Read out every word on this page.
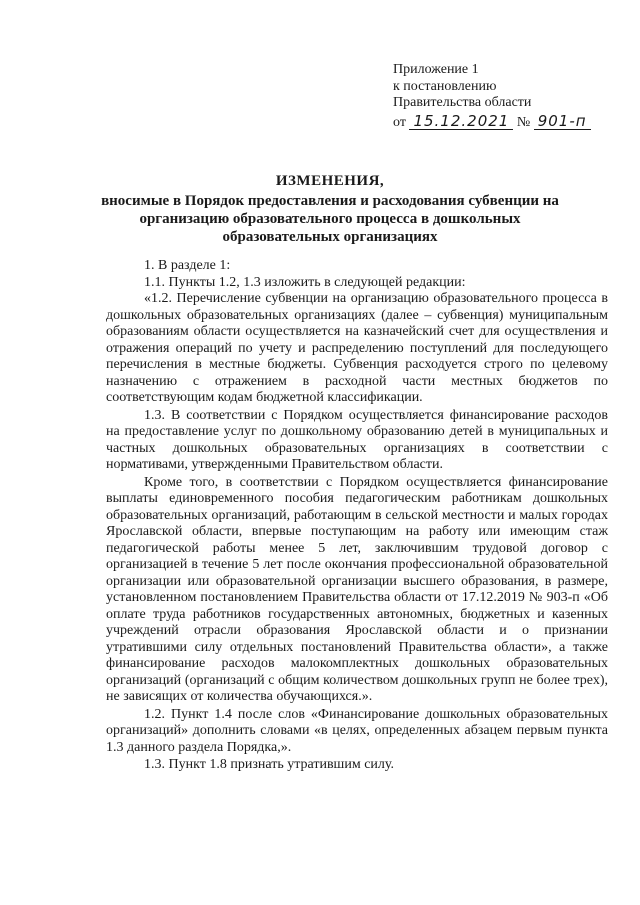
Приложение 1
к постановлению
Правительства области
от 15.12.2021 № 901-п
ИЗМЕНЕНИЯ,
вносимые в Порядок предоставления и расходования субвенции на организацию образовательного процесса в дошкольных образовательных организациях

1. В разделе 1:

1.1. Пункты 1.2, 1.3 изложить в следующей редакции:

«1.2. Перечисление субвенции на организацию образовательного процесса в дошкольных образовательных организациях (далее – субвенция) муниципальным образованиям области осуществляется на казначейский счет для осуществления и отражения операций по учету и распределению поступлений для последующего перечисления в местные бюджеты. Субвенция расходуется строго по целевому назначению с отражением в расходной части местных бюджетов по соответствующим кодам бюджетной классификации.

1.3. В соответствии с Порядком осуществляется финансирование расходов на предоставление услуг по дошкольному образованию детей в муниципальных и частных дошкольных образовательных организациях в соответствии с нормативами, утвержденными Правительством области.

Кроме того, в соответствии с Порядком осуществляется финансирование выплаты единовременного пособия педагогическим работникам дошкольных образовательных организаций, работающим в сельской местности и малых городах Ярославской области, впервые поступающим на работу или имеющим стаж педагогической работы менее 5 лет, заключившим трудовой договор с организацией в течение 5 лет после окончания профессиональной образовательной организации или образовательной организации высшего образования, в размере, установленном постановлением Правительства области от 17.12.2019 № 903-п «Об оплате труда работников государственных автономных, бюджетных и казенных учреждений отрасли образования Ярославской области и о признании утратившими силу отдельных постановлений Правительства области», а также финансирование расходов малокомплектных дошкольных образовательных организаций (организаций с общим количеством дошкольных групп не более трех), не зависящих от количества обучающихся.».

1.2. Пункт 1.4 после слов «Финансирование дошкольных образовательных организаций» дополнить словами «в целях, определенных абзацем первым пункта 1.3 данного раздела Порядка,».

1.3. Пункт 1.8 признать утратившим силу.
